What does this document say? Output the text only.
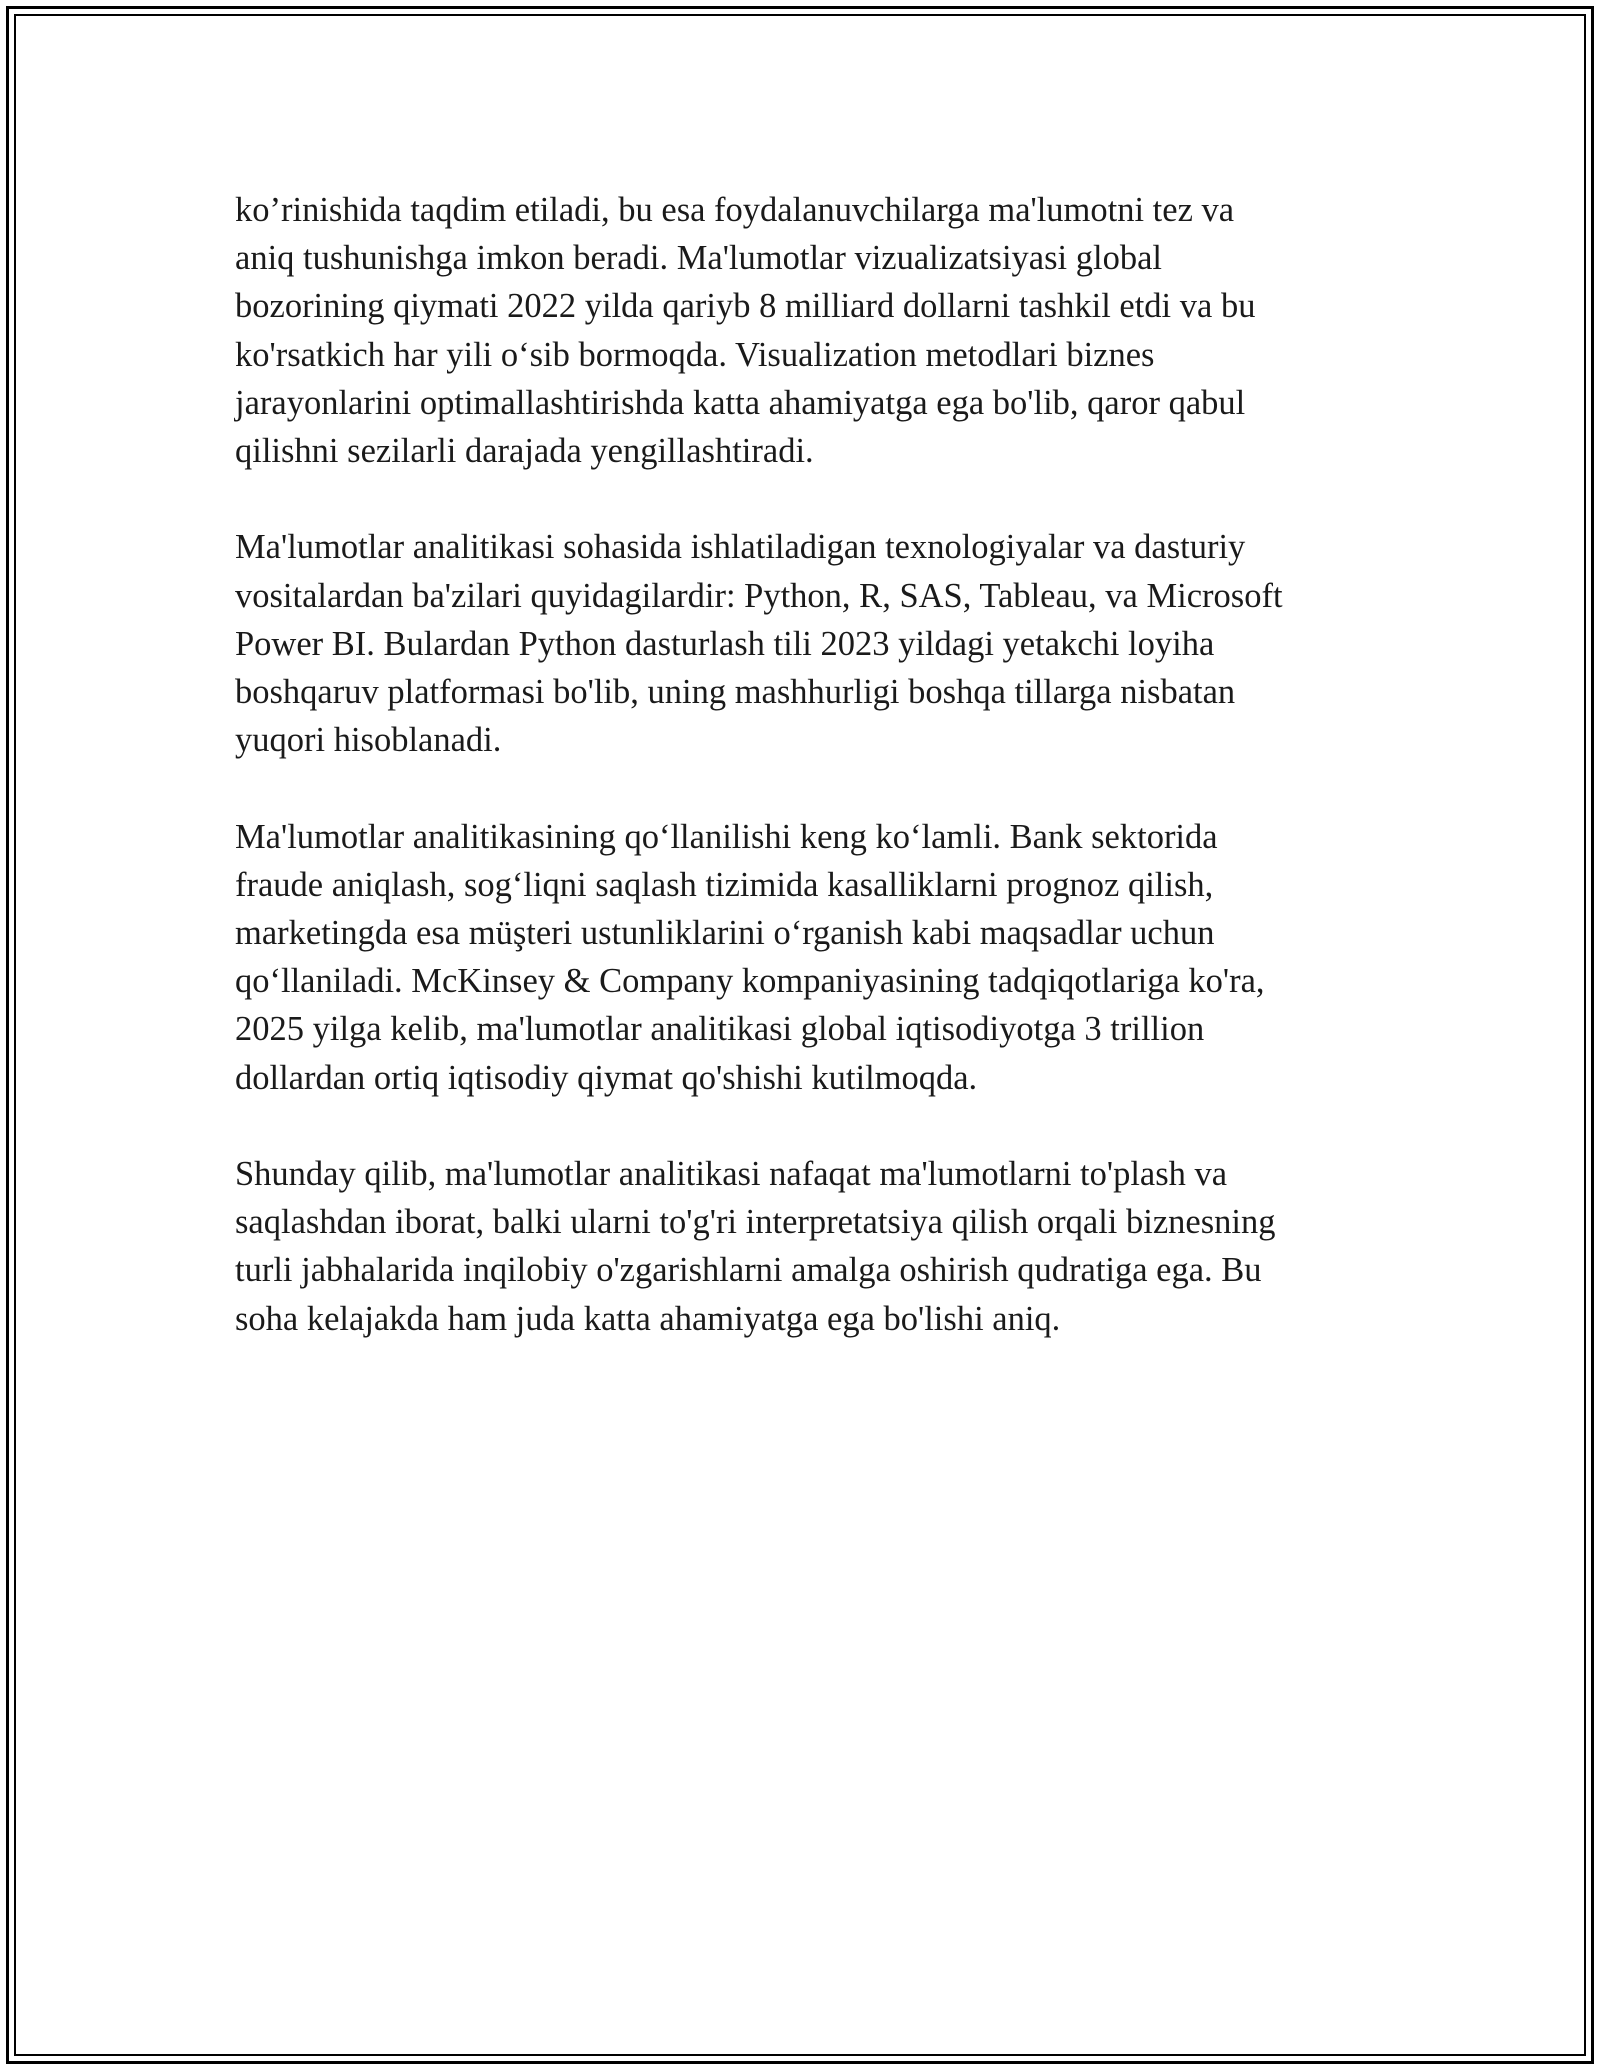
ko’rinishida taqdim etiladi, bu esa foydalanuvchilarga ma'lumotni tez va
aniq tushunishga imkon beradi. Ma'lumotlar vizualizatsiyasi global
bozorining qiymati 2022 yilda qariyb 8 milliard dollarni tashkil etdi va bu
ko'rsatkich har yili o‘sib bormoqda. Visualization metodlari biznes
jarayonlarini optimallashtirishda katta ahamiyatga ega bo'lib, qaror qabul
qilishni sezilarli darajada yengillashtiradi.

Ma'lumotlar analitikasi sohasida ishlatiladigan texnologiyalar va dasturiy
vositalardan ba'zilari quyidagilardir: Python, R, SAS, Tableau, va Microsoft
Power BI. Bulardan Python dasturlash tili 2023 yildagi yetakchi loyiha
boshqaruv platformasi bo'lib, uning mashhurligi boshqa tillarga nisbatan
yuqori hisoblanadi.

Ma'lumotlar analitikasining qo‘llanilishi keng ko‘lamli. Bank sektorida
fraude aniqlash, sog‘liqni saqlash tizimida kasalliklarni prognoz qilish,
marketingda esa müşteri ustunliklarini o‘rganish kabi maqsadlar uchun
qo‘llaniladi. McKinsey & Company kompaniyasining tadqiqotlariga ko'ra,
2025 yilga kelib, ma'lumotlar analitikasi global iqtisodiyotga 3 trillion
dollardan ortiq iqtisodiy qiymat qo'shishi kutilmoqda.

Shunday qilib, ma'lumotlar analitikasi nafaqat ma'lumotlarni to'plash va
saqlashdan iborat, balki ularni to'g'ri interpretatsiya qilish orqali biznesning
turli jabhalarida inqilobiy o'zgarishlarni amalga oshirish qudratiga ega. Bu
soha kelajakda ham juda katta ahamiyatga ega bo'lishi aniq.
